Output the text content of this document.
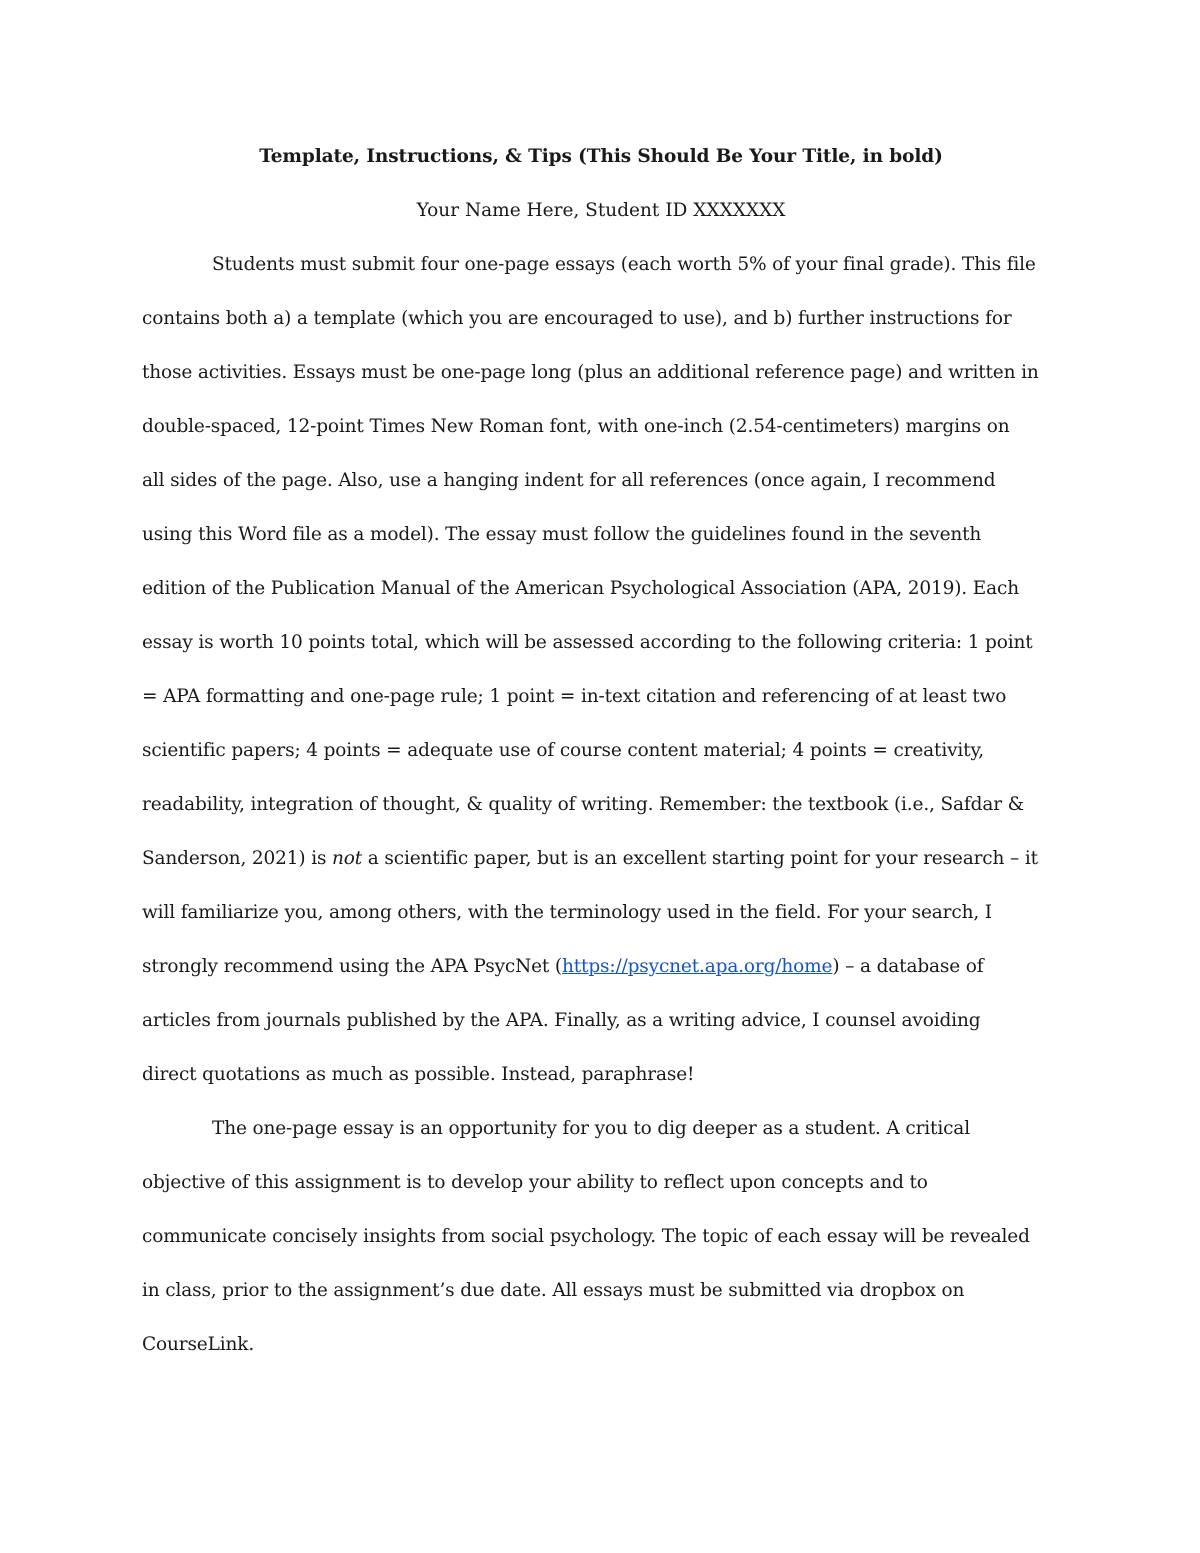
Template, Instructions, & Tips (This Should Be Your Title, in bold)

Your Name Here, Student ID XXXXXXX

Students must submit four one-page essays (each worth 5% of your final grade). This file
contains both a) a template (which you are encouraged to use), and b) further instructions for
those activities. Essays must be one-page long (plus an additional reference page) and written in
double-spaced, 12-point Times New Roman font, with one-inch (2.54-centimeters) margins on
all sides of the page. Also, use a hanging indent for all references (once again, I recommend
using this Word file as a model). The essay must follow the guidelines found in the seventh
edition of the Publication Manual of the American Psychological Association (APA, 2019). Each
essay is worth 10 points total, which will be assessed according to the following criteria: 1 point
= APA formatting and one-page rule; 1 point = in-text citation and referencing of at least two
scientific papers; 4 points = adequate use of course content material; 4 points = creativity,
readability, integration of thought, & quality of writing. Remember: the textbook (i.e., Safdar &
Sanderson, 2021) is not a scientific paper, but is an excellent starting point for your research – it
will familiarize you, among others, with the terminology used in the field. For your search, I
strongly recommend using the APA PsycNet (https://psycnet.apa.org/home) – a database of
articles from journals published by the APA. Finally, as a writing advice, I counsel avoiding
direct quotations as much as possible. Instead, paraphrase!
The one-page essay is an opportunity for you to dig deeper as a student. A critical
objective of this assignment is to develop your ability to reflect upon concepts and to
communicate concisely insights from social psychology. The topic of each essay will be revealed
in class, prior to the assignment’s due date. All essays must be submitted via dropbox on
CourseLink.
